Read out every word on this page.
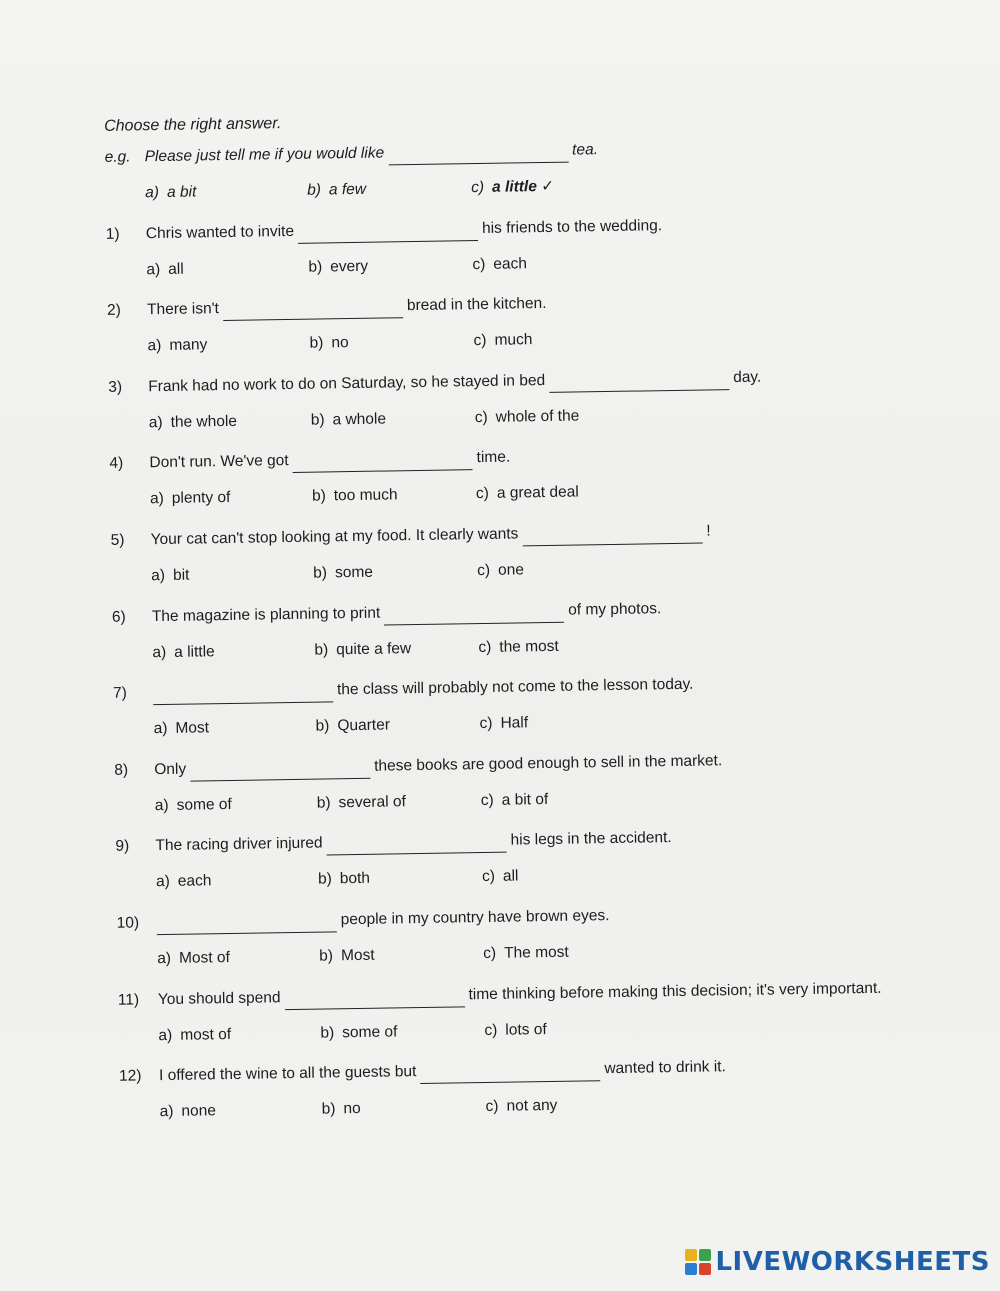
Choose the right answer.
e.g. Please just tell me if you would like	tea.
a) a bit	b) a few	c) a little ✓
1)	Chris wanted to invite	his friends to the wedding.
a) all	b) every	c) each
2)	There isn't	bread in the kitchen.
a) many	b) no	c) much
3)	Frank had no work to do on Saturday, so he stayed in bed	day.
a) the whole	b) a whole	c) whole of the
4)	Don't run. We've got	time.
a) plenty of	b) too much	c) a great deal
5)	Your cat can't stop looking at my food. It clearly wants	!
a) bit	b) some	c) one
6)	The magazine is planning to print	of my photos.
a) a little	b) quite a few	c) the most
7)	the class will probably not come to the lesson today.
a) Most	b) Quarter	c) Half
8)	Only	these books are good enough to sell in the market.
a) some of	b) several of	c) a bit of
9)	The racing driver injured	his legs in the accident.
a) each	b) both	c) all
10)	people in my country have brown eyes.
a) Most of	b) Most	c) The most
11)	You should spend	time thinking before making this decision; it's very important.
a) most of	b) some of	c) lots of
12)	I offered the wine to all the guests but	wanted to drink it.
a) none	b) no	c) not any
LIVEWORKSHEETS
